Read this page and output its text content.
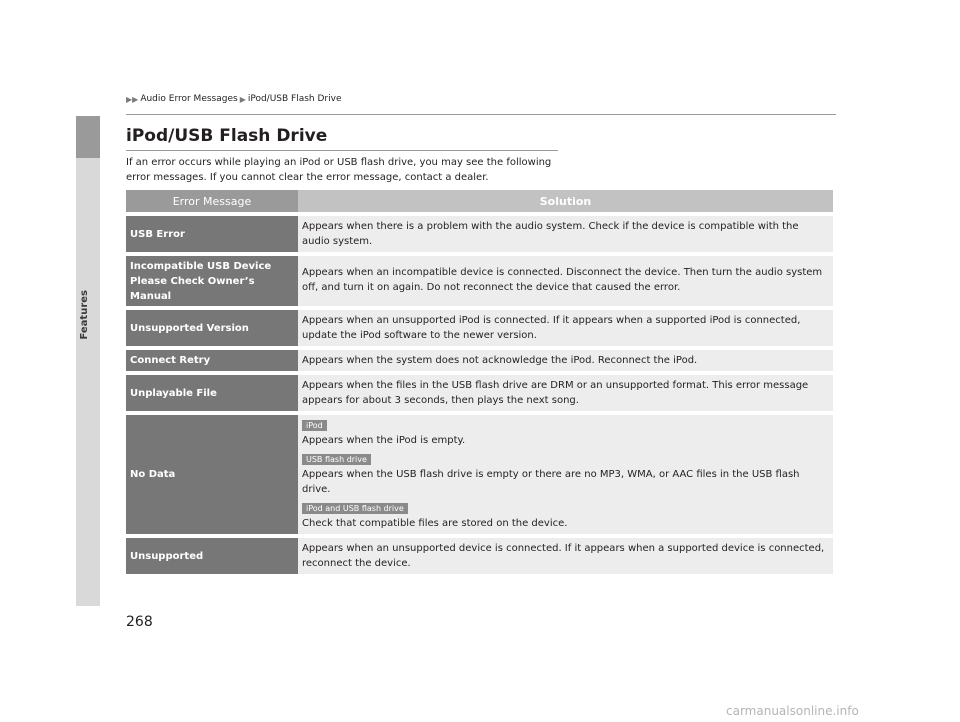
Features
▶▶ Audio Error Messages ▶ iPod/USB Flash Drive
iPod/USB Flash Drive
If an error occurs while playing an iPod or USB flash drive, you may see the following error messages. If you cannot clear the error message, contact a dealer.
Error Message	Solution
USB Error
Appears when there is a problem with the audio system. Check if the device is compatible with the audio system.
Incompatible USB Device Please Check Owner’s Manual
Appears when an incompatible device is connected. Disconnect the device. Then turn the audio system off, and turn it on again. Do not reconnect the device that caused the error.
Unsupported Version
Appears when an unsupported iPod is connected. If it appears when a supported iPod is connected, update the iPod software to the newer version.
Connect Retry	Appears when the system does not acknowledge the iPod. Reconnect the iPod.
Unplayable File
Appears when the files in the USB flash drive are DRM or an unsupported format. This error message appears for about 3 seconds, then plays the next song.
No Data
iPod
Appears when the iPod is empty.
USB flash drive
Appears when the USB flash drive is empty or there are no MP3, WMA, or AAC files in the USB flash drive.
iPod and USB flash drive
Check that compatible files are stored on the device.
Unsupported
Appears when an unsupported device is connected. If it appears when a supported device is connected, reconnect the device.
268
carmanualsonline.info
